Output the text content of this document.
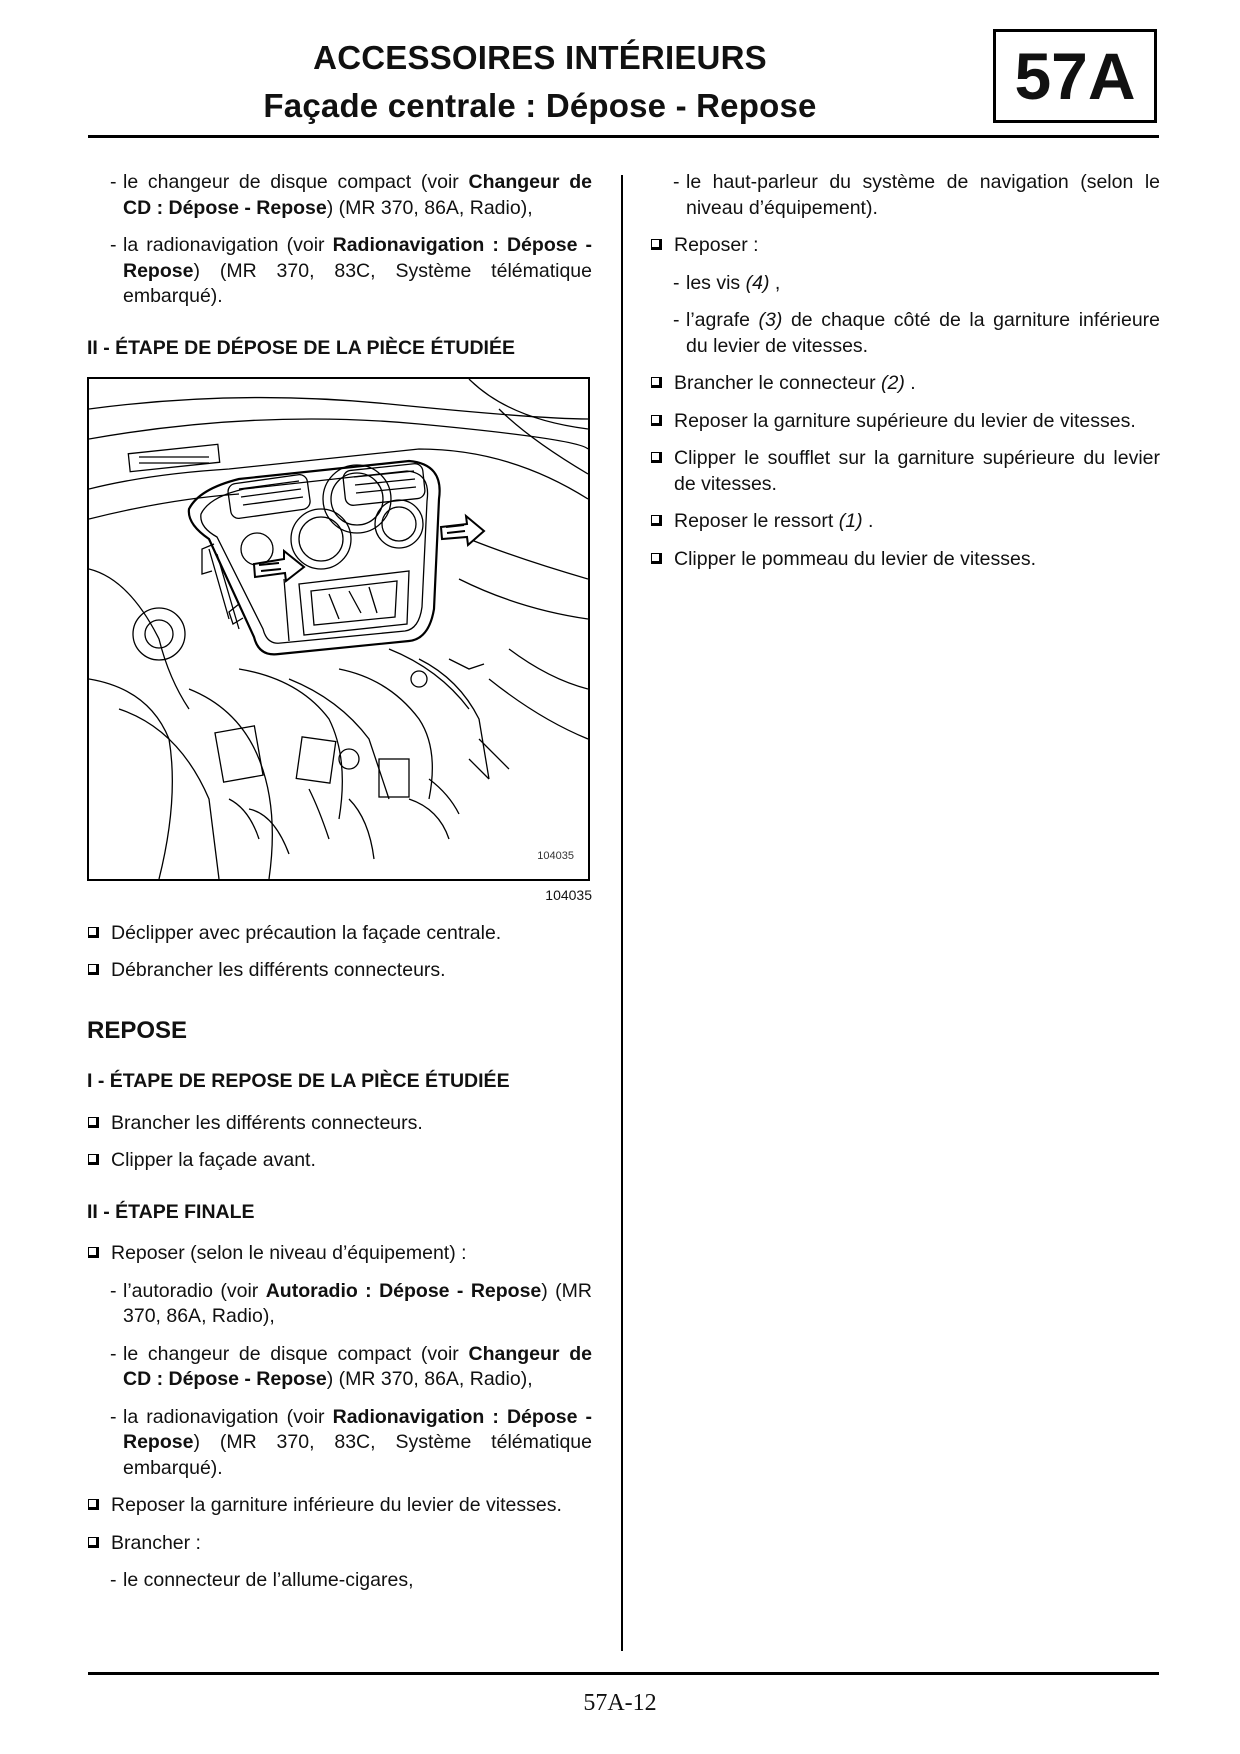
ACCESSOIRES INTÉRIEURS
Façade centrale : Dépose - Repose	57A
- le changeur de disque compact (voir Changeur de CD : Dépose - Repose) (MR 370, 86A, Radio),
- la radionavigation (voir Radionavigation : Dépose - Repose) (MR 370, 83C, Système télématique embarqué).
II - ÉTAPE DE DÉPOSE DE LA PIÈCE ÉTUDIÉE
104035
104035
Déclipper avec précaution la façade centrale.
Débrancher les différents connecteurs.
REPOSE
I - ÉTAPE DE REPOSE DE LA PIÈCE ÉTUDIÉE
Brancher les différents connecteurs.
Clipper la façade avant.
II - ÉTAPE FINALE
Reposer (selon le niveau d’équipement) :
- l’autoradio (voir Autoradio : Dépose - Repose) (MR 370, 86A, Radio),
- le changeur de disque compact (voir Changeur de CD : Dépose - Repose) (MR 370, 86A, Radio),
- la radionavigation (voir Radionavigation : Dépose - Repose) (MR 370, 83C, Système télématique embarqué).
Reposer la garniture inférieure du levier de vitesses.
Brancher :
- le connecteur de l’allume-cigares,
- le haut-parleur du système de navigation (selon le niveau d’équipement).
Reposer :
- les vis (4) ,
- l’agrafe (3) de chaque côté de la garniture inférieure du levier de vitesses.
Brancher le connecteur (2) .
Reposer la garniture supérieure du levier de vitesses.
Clipper le soufflet sur la garniture supérieure du levier de vitesses.
Reposer le ressort (1) .
Clipper le pommeau du levier de vitesses.
57A-12
